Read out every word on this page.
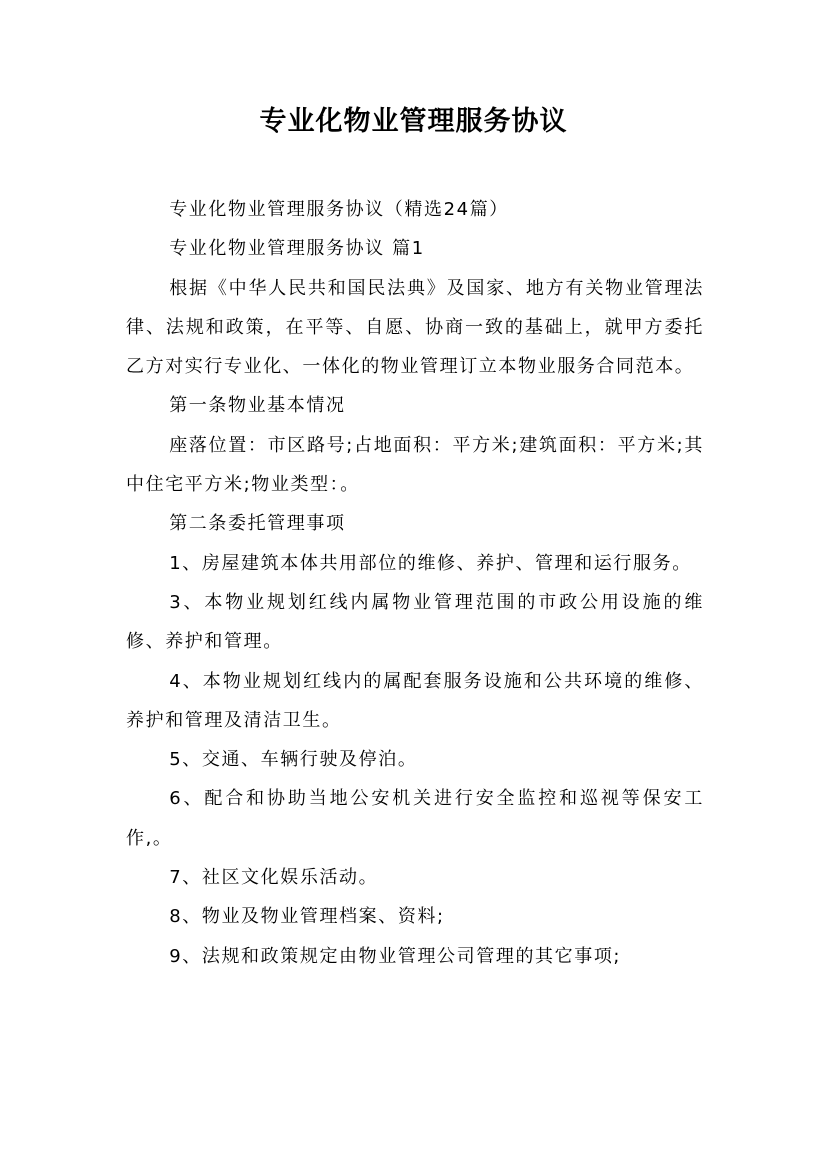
专业化物业管理服务协议

专业化物业管理服务协议（精选24篇）

专业化物业管理服务协议 篇1

根据《中华人民共和国民法典》及国家、地方有关物业管理法律、法规和政策，在平等、自愿、协商一致的基础上，就甲方委托乙方对实行专业化、一体化的物业管理订立本物业服务合同范本。

第一条物业基本情况

座落位置：市区路号;占地面积：平方米;建筑面积：平方米;其中住宅平方米;物业类型：。

第二条委托管理事项

1、房屋建筑本体共用部位的维修、养护、管理和运行服务。

3、本物业规划红线内属物业管理范围的市政公用设施的维修、养护和管理。

4、本物业规划红线内的属配套服务设施和公共环境的维修、养护和管理及清洁卫生。

5、交通、车辆行驶及停泊。

6、配合和协助当地公安机关进行安全监控和巡视等保安工作,。

7、社区文化娱乐活动。

8、物业及物业管理档案、资料;

9、法规和政策规定由物业管理公司管理的其它事项;
